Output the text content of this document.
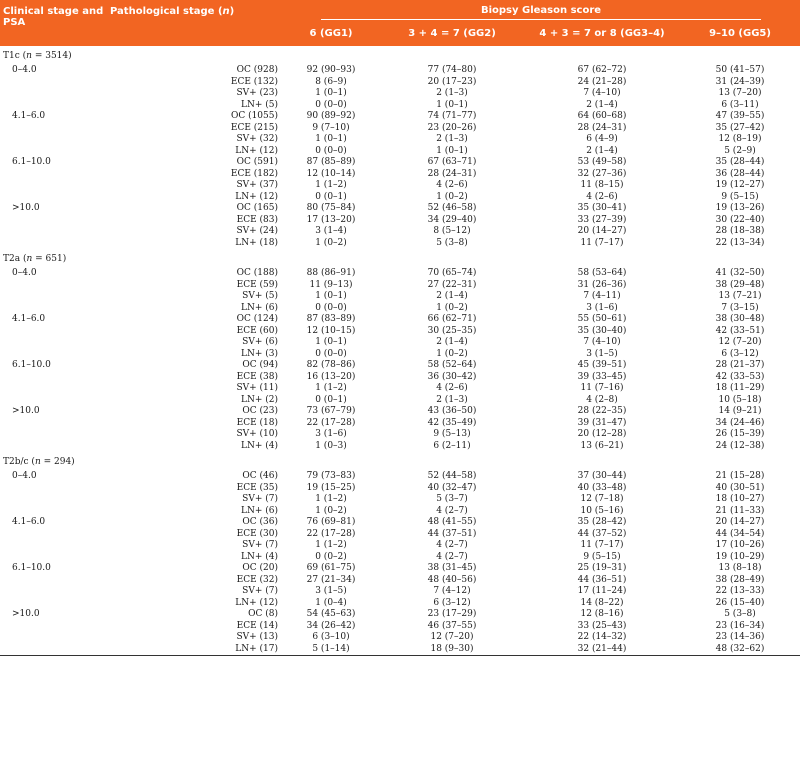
Clinical stage and PSA	Pathological stage (n)	Biopsy Gleason score			

		6 (GG1)	3 + 4 = 7 (GG2)	4 + 3 = 7 or 8 (GG3–4)	9–10 (GG5)
T1c (n = 3514)					
0–4.0	OC (928)	92 (90–93)	77 (74–80)	67 (62–72)	50 (41–57)
	ECE (132)	8 (6–9)	20 (17–23)	24 (21–28)	31 (24–39)
	SV+ (23)	1 (0–1)	2 (1–3)	7 (4–10)	13 (7–20)
	LN+ (5)	0 (0–0)	1 (0–1)	2 (1–4)	6 (3–11)
4.1–6.0	OC (1055)	90 (89–92)	74 (71–77)	64 (60–68)	47 (39–55)
	ECE (215)	9 (7–10)	23 (20–26)	28 (24–31)	35 (27–42)
	SV+ (32)	1 (0–1)	2 (1–3)	6 (4–9)	12 (8–19)
	LN+ (12)	0 (0–0)	1 (0–1)	2 (1–4)	5 (2–9)
6.1–10.0	OC (591)	87 (85–89)	67 (63–71)	53 (49–58)	35 (28–44)
	ECE (182)	12 (10–14)	28 (24–31)	32 (27–36)	36 (28–44)
	SV+ (37)	1 (1–2)	4 (2–6)	11 (8–15)	19 (12–27)
	LN+ (12)	0 (0–1)	1 (0–2)	4 (2–6)	9 (5–15)
>10.0	OC (165)	80 (75–84)	52 (46–58)	35 (30–41)	19 (13–26)
	ECE (83)	17 (13–20)	34 (29–40)	33 (27–39)	30 (22–40)
	SV+ (24)	3 (1–4)	8 (5–12)	20 (14–27)	28 (18–38)
	LN+ (18)	1 (0–2)	5 (3–8)	11 (7–17)	22 (13–34)
T2a (n = 651)					
0–4.0	OC (188)	88 (86–91)	70 (65–74)	58 (53–64)	41 (32–50)
	ECE (59)	11 (9–13)	27 (22–31)	31 (26–36)	38 (29–48)
	SV+ (5)	1 (0–1)	2 (1–4)	7 (4–11)	13 (7–21)
	LN+ (6)	0 (0–0)	1 (0–2)	3 (1–6)	7 (3–15)
4.1–6.0	OC (124)	87 (83–89)	66 (62–71)	55 (50–61)	38 (30–48)
	ECE (60)	12 (10–15)	30 (25–35)	35 (30–40)	42 (33–51)
	SV+ (6)	1 (0–1)	2 (1–4)	7 (4–10)	12 (7–20)
	LN+ (3)	0 (0–0)	1 (0–2)	3 (1–5)	6 (3–12)
6.1–10.0	OC (94)	82 (78–86)	58 (52–64)	45 (39–51)	28 (21–37)
	ECE (38)	16 (13–20)	36 (30–42)	39 (33–45)	42 (33–53)
	SV+ (11)	1 (1–2)	4 (2–6)	11 (7–16)	18 (11–29)
	LN+ (2)	0 (0–1)	2 (1–3)	4 (2–8)	10 (5–18)
>10.0	OC (23)	73 (67–79)	43 (36–50)	28 (22–35)	14 (9–21)
	ECE (18)	22 (17–28)	42 (35–49)	39 (31–47)	34 (24–46)
	SV+ (10)	3 (1–6)	9 (5–13)	20 (12–28)	26 (15–39)
	LN+ (4)	1 (0–3)	6 (2–11)	13 (6–21)	24 (12–38)
T2b/c (n = 294)					
0–4.0	OC (46)	79 (73–83)	52 (44–58)	37 (30–44)	21 (15–28)
	ECE (35)	19 (15–25)	40 (32–47)	40 (33–48)	40 (30–51)
	SV+ (7)	1 (1–2)	5 (3–7)	12 (7–18)	18 (10–27)
	LN+ (6)	1 (0–2)	4 (2–7)	10 (5–16)	21 (11–33)
4.1–6.0	OC (36)	76 (69–81)	48 (41–55)	35 (28–42)	20 (14–27)
	ECE (30)	22 (17–28)	44 (37–51)	44 (37–52)	44 (34–54)
	SV+ (7)	1 (1–2)	4 (2–7)	11 (7–17)	17 (10–26)
	LN+ (4)	0 (0–2)	4 (2–7)	9 (5–15)	19 (10–29)
6.1–10.0	OC (20)	69 (61–75)	38 (31–45)	25 (19–31)	13 (8–18)
	ECE (32)	27 (21–34)	48 (40–56)	44 (36–51)	38 (28–49)
	SV+ (7)	3 (1–5)	7 (4–12)	17 (11–24)	22 (13–33)
	LN+ (12)	1 (0–4)	6 (3–12)	14 (8–22)	26 (15–40)
>10.0	OC (8)	54 (45–63)	23 (17–29)	12 (8–16)	5 (3–8)
	ECE (14)	34 (26–42)	46 (37–55)	33 (25–43)	23 (16–34)
	SV+ (13)	6 (3–10)	12 (7–20)	22 (14–32)	23 (14–36)
	LN+ (17)	5 (1–14)	18 (9–30)	32 (21–44)	48 (32–62)
